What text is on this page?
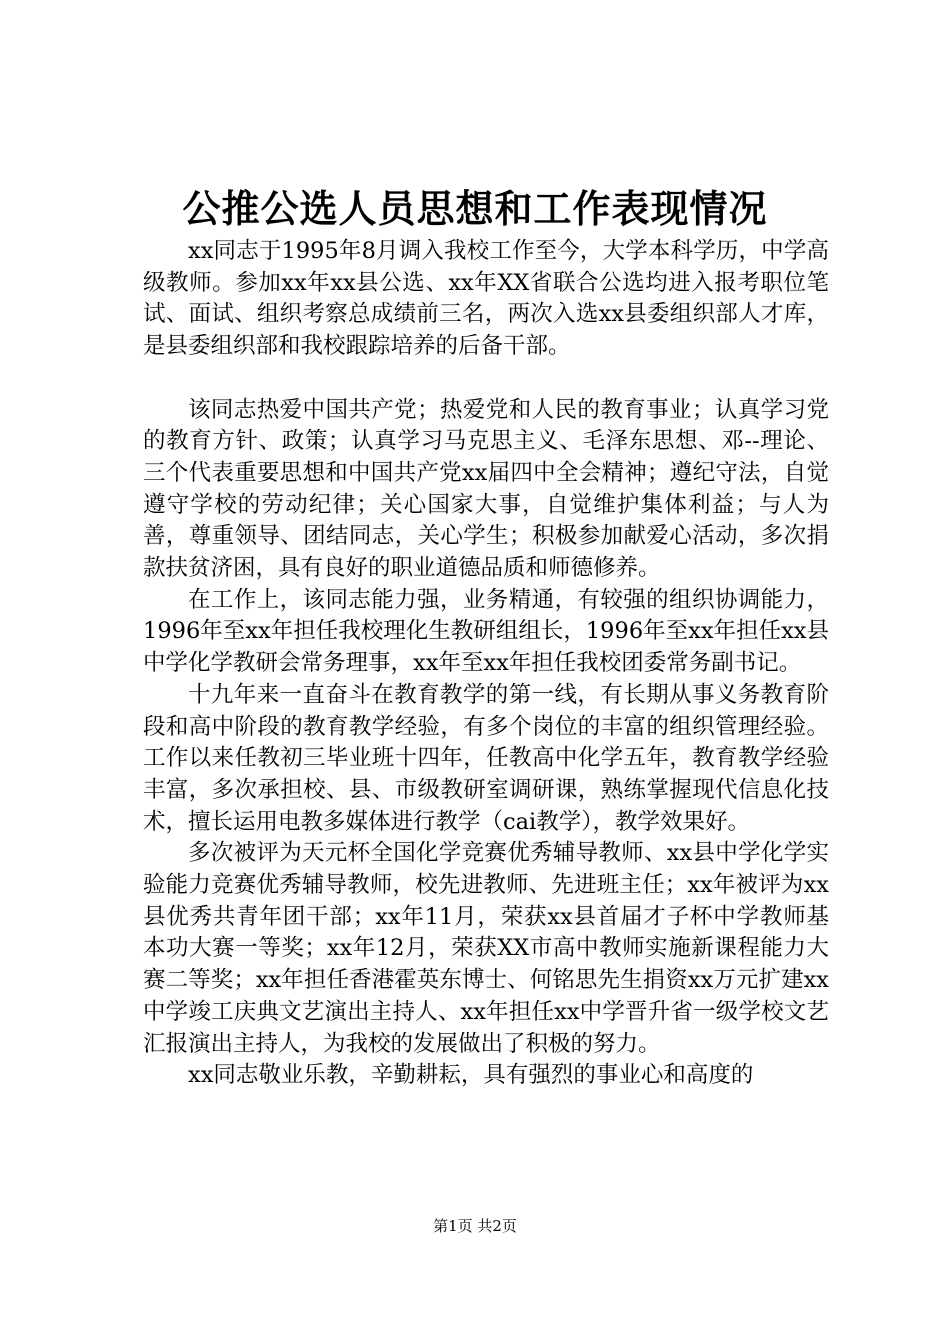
公推公选人员思想和工作表现情况

xx同志于1995年8月调入我校工作至今，大学本科学历，中学高级教师。参加xx年xx县公选、xx年XX省联合公选均进入报考职位笔试、面试、组织考察总成绩前三名，两次入选xx县委组织部人才库，是县委组织部和我校跟踪培养的后备干部。

该同志热爱中国共产党；热爱党和人民的教育事业；认真学习党的教育方针、政策；认真学习马克思主义、毛泽东思想、邓--理论、三个代表重要思想和中国共产党xx届四中全会精神；遵纪守法，自觉遵守学校的劳动纪律；关心国家大事，自觉维护集体利益；与人为善，尊重领导、团结同志，关心学生；积极参加献爱心活动，多次捐款扶贫济困，具有良好的职业道德品质和师德修养。

在工作上，该同志能力强，业务精通，有较强的组织协调能力，1996年至xx年担任我校理化生教研组组长，1996年至xx年担任xx县中学化学教研会常务理事，xx年至xx年担任我校团委常务副书记。

十九年来一直奋斗在教育教学的第一线，有长期从事义务教育阶段和高中阶段的教育教学经验，有多个岗位的丰富的组织管理经验。工作以来任教初三毕业班十四年，任教高中化学五年，教育教学经验丰富，多次承担校、县、市级教研室调研课，熟练掌握现代信息化技术，擅长运用电教多媒体进行教学（cai教学），教学效果好。

多次被评为天元杯全国化学竞赛优秀辅导教师、xx县中学化学实验能力竞赛优秀辅导教师，校先进教师、先进班主任；xx年被评为xx县优秀共青年团干部；xx年11月，荣获xx县首届才子杯中学教师基本功大赛一等奖；xx年12月，荣获XX市高中教师实施新课程能力大赛二等奖；xx年担任香港霍英东博士、何铭思先生捐资xx万元扩建xx中学竣工庆典文艺演出主持人、xx年担任xx中学晋升省一级学校文艺汇报演出主持人，为我校的发展做出了积极的努力。

xx同志敬业乐教，辛勤耕耘，具有强烈的事业心和高度的

第1页 共2页
